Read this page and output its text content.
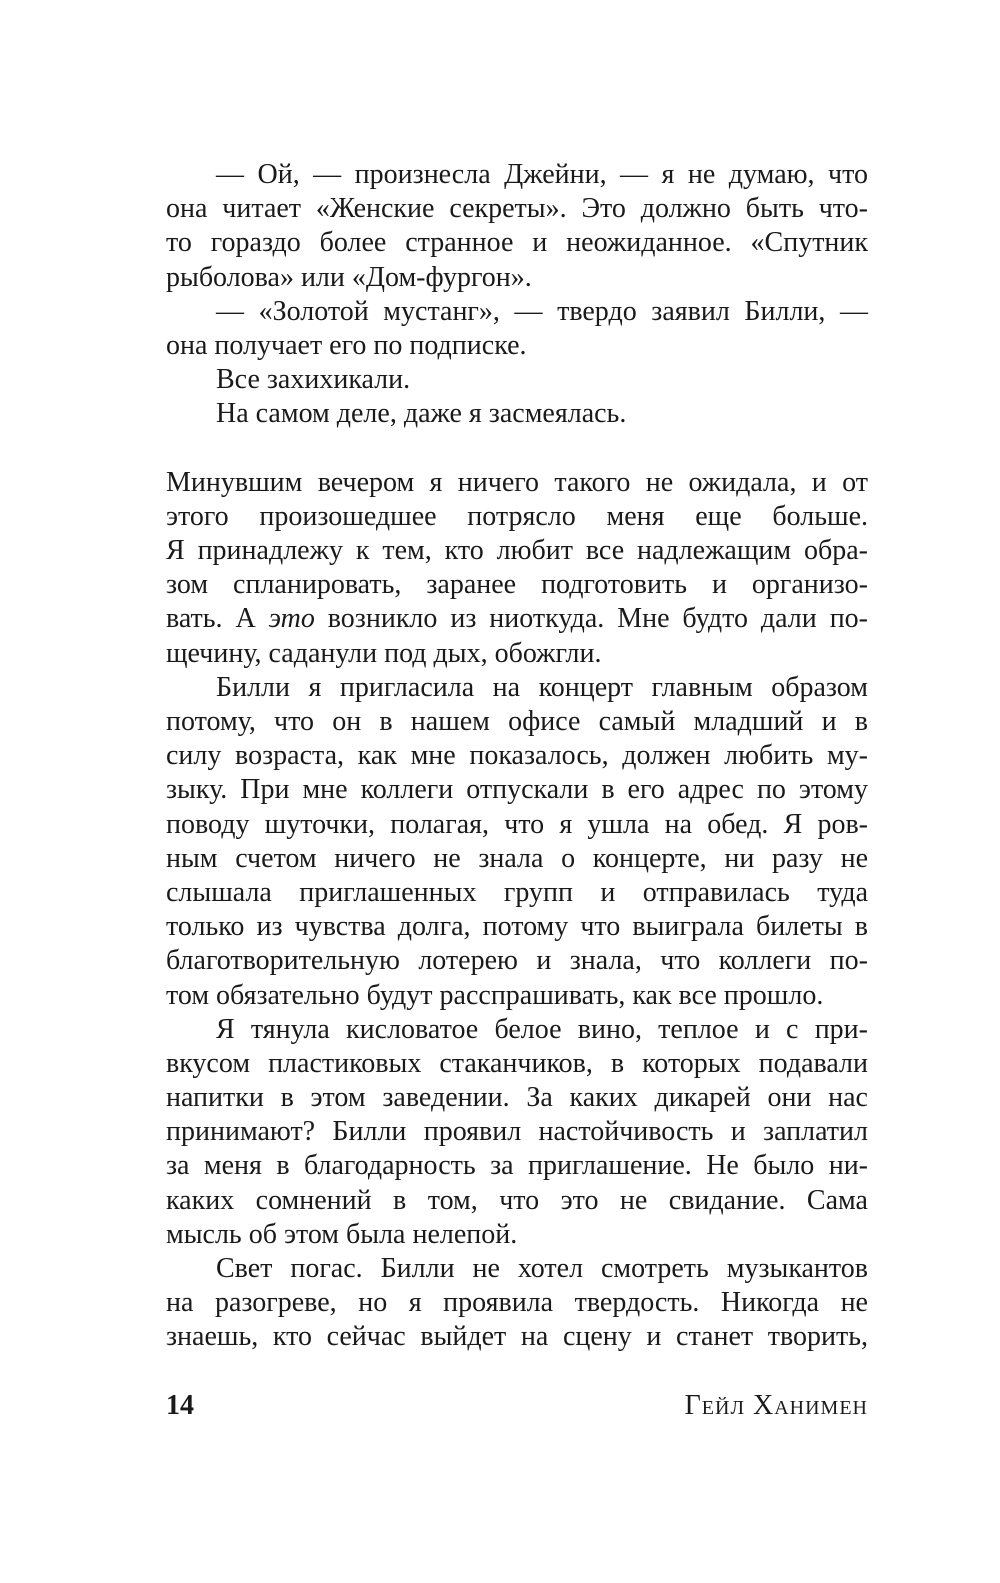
— Ой, — произнесла Джейни, — я не думаю, что
она читает «Женские секреты». Это должно быть что-
то гораздо более странное и неожиданное. «Спутник
рыболова» или «Дом-фургон».
— «Золотой мустанг», — твердо заявил Билли, —
она получает его по подписке.
Все захихикали.
На самом деле, даже я засмеялась.
Минувшим вечером я ничего такого не ожидала, и от
этого произошедшее потрясло меня еще больше.
Я принадлежу к тем, кто любит все надлежащим обра-
зом спланировать, заранее подготовить и организо-
вать. А это возникло из ниоткуда. Мне будто дали по-
щечину, саданули под дых, обожгли.
Билли я пригласила на концерт главным образом
потому, что он в нашем офисе самый младший и в
силу возраста, как мне показалось, должен любить му-
зыку. При мне коллеги отпускали в его адрес по этому
поводу шуточки, полагая, что я ушла на обед. Я ров-
ным счетом ничего не знала о концерте, ни разу не
слышала приглашенных групп и отправилась туда
только из чувства долга, потому что выиграла билеты в
благотворительную лотерею и знала, что коллеги по-
том обязательно будут расспрашивать, как все прошло.
Я тянула кисловатое белое вино, теплое и с при-
вкусом пластиковых стаканчиков, в которых подавали
напитки в этом заведении. За каких дикарей они нас
принимают? Билли проявил настойчивость и заплатил
за меня в благодарность за приглашение. Не было ни-
каких сомнений в том, что это не свидание. Сама
мысль об этом была нелепой.
Свет погас. Билли не хотел смотреть музыкантов
на разогреве, но я проявила твердость. Никогда не
знаешь, кто сейчас выйдет на сцену и станет творить,
14	Гейл Ханимен
